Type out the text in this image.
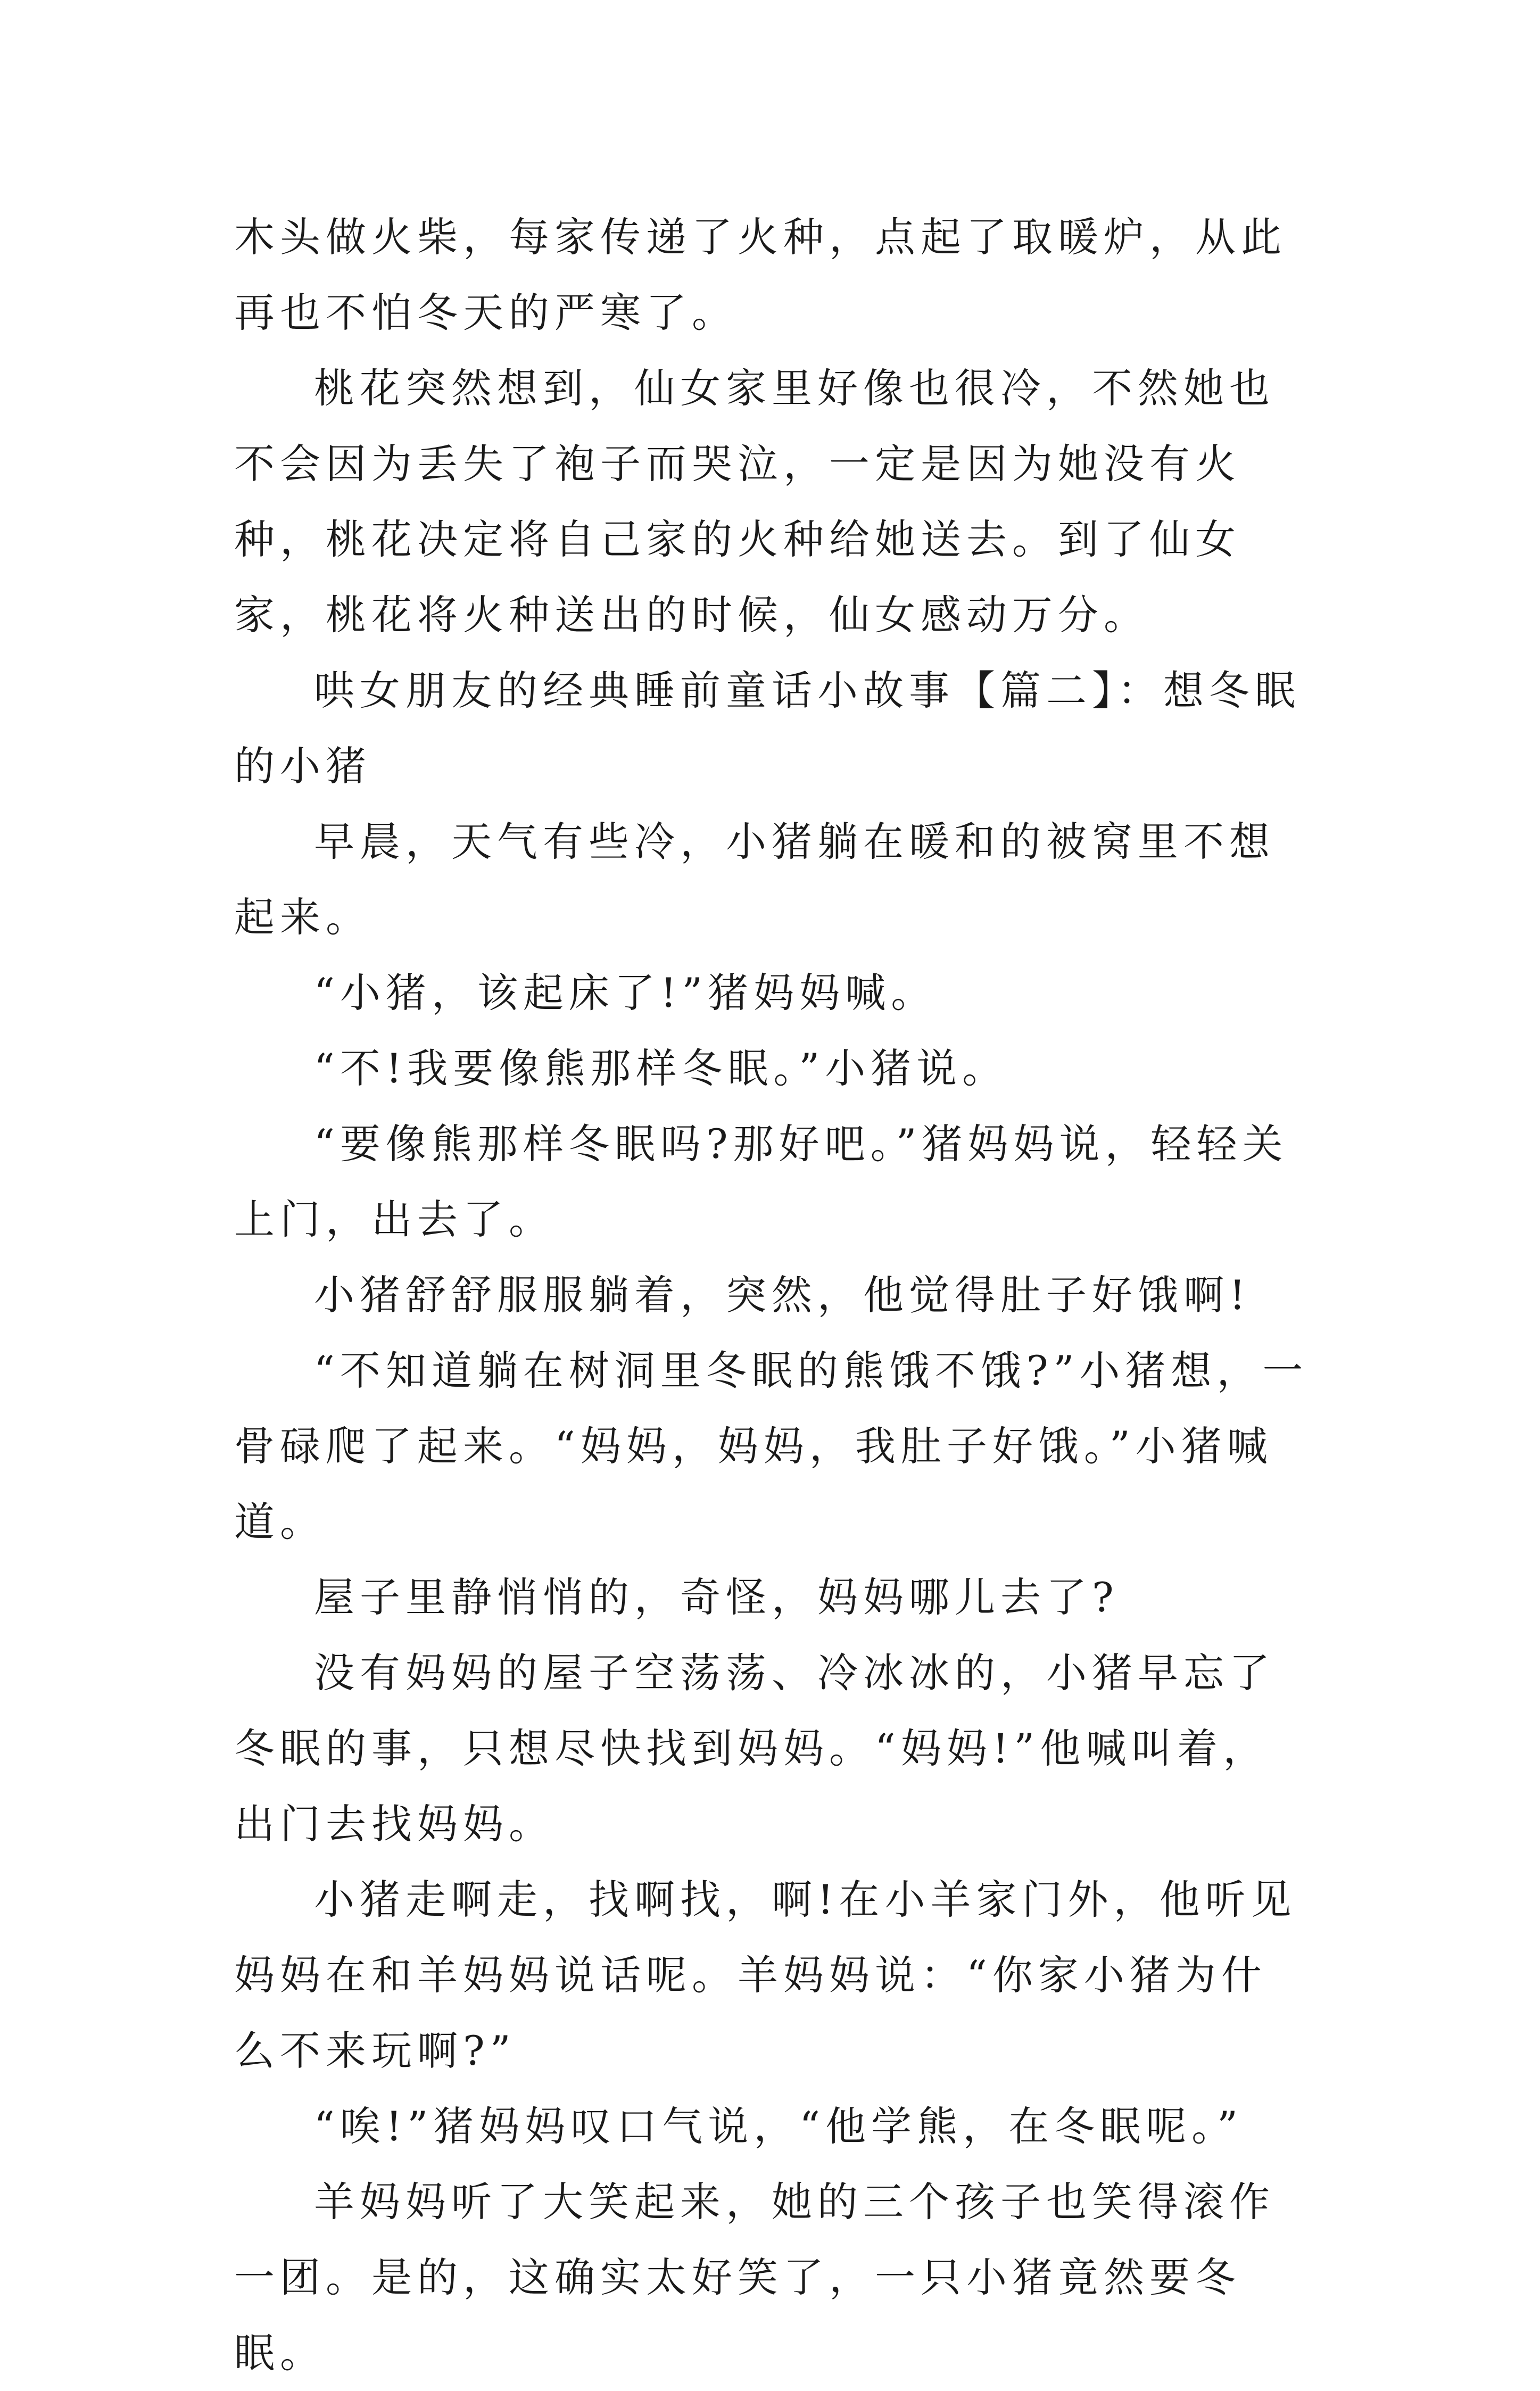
木头做火柴，每家传递了火种，点起了取暖炉，从此再也不怕冬天的严寒了。

桃花突然想到，仙女家里好像也很冷，不然她也不会因为丢失了袍子而哭泣，一定是因为她没有火种，桃花决定将自己家的火种给她送去。到了仙女家，桃花将火种送出的时候，仙女感动万分。

哄女朋友的经典睡前童话小故事【篇二】：想冬眠的小猪

早晨，天气有些冷，小猪躺在暖和的被窝里不想起来。

“小猪，该起床了!”猪妈妈喊。

“不!我要像熊那样冬眠。”小猪说。

“要像熊那样冬眠吗?那好吧。”猪妈妈说，轻轻关上门，出去了。

小猪舒舒服服躺着，突然，他觉得肚子好饿啊!

“不知道躺在树洞里冬眠的熊饿不饿?”小猪想，一骨碌爬了起来。“妈妈，妈妈，我肚子好饿。”小猪喊道。

屋子里静悄悄的，奇怪，妈妈哪儿去了?

没有妈妈的屋子空荡荡、冷冰冰的，小猪早忘了冬眠的事，只想尽快找到妈妈。“妈妈!”他喊叫着，出门去找妈妈。

小猪走啊走，找啊找，啊!在小羊家门外，他听见妈妈在和羊妈妈说话呢。羊妈妈说：“你家小猪为什么不来玩啊?”

“唉!”猪妈妈叹口气说，“他学熊，在冬眠呢。”

羊妈妈听了大笑起来，她的三个孩子也笑得滚作一团。是的，这确实太好笑了，一只小猪竟然要冬眠。
